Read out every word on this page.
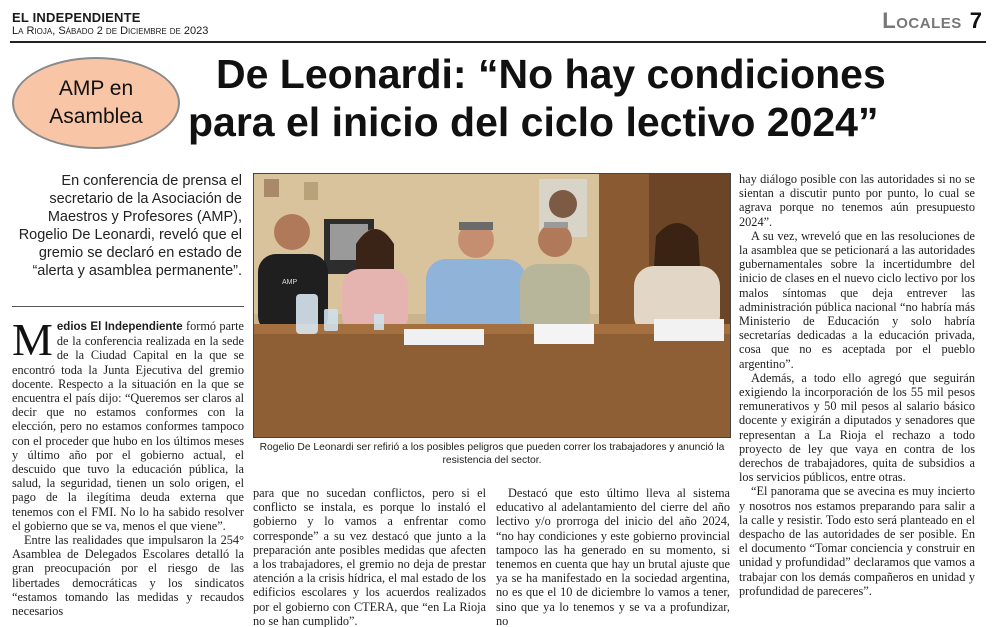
EL INDEPENDIENTE
La Rioja, Sábado 2 de Diciembre de 2023	Locales 7
AMP en
Asamblea
De Leonardi: “No hay condiciones
para el inicio del ciclo lectivo 2024”
En conferencia de prensa el secretario de la Asociación de Maestros y Profesores (AMP), Rogelio De Leonardi, reveló que el gremio se declaró en estado de “alerta y asamblea permanente”.

Medios El Independiente formó parte de la conferencia realizada en la sede de la Ciudad Capital en la que se encontró toda la Junta Ejecutiva del gremio docente. Respecto a la situación en la que se encuentra el país dijo: “Queremos ser claros al decir que no estamos conformes con la elección, pero no estamos conformes tampoco con el proceder que hubo en los últimos meses y último año por el gobierno actual, el descuido que tuvo la educación pública, la salud, la seguridad, tienen un solo origen, el pago de la ilegítima deuda externa que tenemos con el FMI. No lo ha sabido resolver el gobierno que se va, menos el que viene”.

Entre las realidades que impulsaron la 254° Asamblea de Delegados Escolares detalló la gran preocupación por el riesgo de las libertades democráticas y los sindicatos “estamos tomando las medidas y recaudos necesarios

AMP
Rogelio De Leonardi ser refirió a los posibles peligros que pueden correr los trabajadores y anunció la resistencia del sector.

para que no sucedan conflictos, pero si el conflicto se instala, es porque lo instaló el gobierno y lo vamos a enfrentar como corresponde” a su vez destacó que junto a la preparación ante posibles medidas que afecten a los trabajadores, el gremio no deja de prestar atención a la crisis hídrica, el mal estado de los edificios escolares y los acuerdos realizados por el gobierno con CTERA, que “en La Rioja no se han cumplido”.

Destacó que esto último lleva al sistema educativo al adelantamiento del cierre del año lectivo y/o prorroga del inicio del año 2024, “no hay condiciones y este gobierno provincial tampoco las ha generado en su momento, si tenemos en cuenta que hay un brutal ajuste que ya se ha manifestado en la sociedad argentina, no es que el 10 de diciembre lo vamos a tener, sino que ya lo tenemos y se va a profundizar, no

hay diálogo posible con las autoridades si no se sientan a discutir punto por punto, lo cual se agrava porque no tenemos aún presupuesto 2024”.

A su vez, wreveló que en las resoluciones de la asamblea que se peticionará a las autoridades gubernamentales sobre la incertidumbre del inicio de clases en el nuevo ciclo lectivo por los malos síntomas que deja entrever las administración pública nacional “no habría más Ministerio de Educación y solo habría secretarías dedicadas a la educación privada, cosa que no es aceptada por el pueblo argentino”.

Además, a todo ello agregó que seguirán exigiendo la incorporación de los 55 mil pesos remunerativos y 50 mil pesos al salario básico docente y exigirán a diputados y senadores que representan a La Rioja el rechazo a todo proyecto de ley que vaya en contra de los derechos de trabajadores, quita de subsidios a los servicios públicos, entre otras.

“El panorama que se avecina es muy incierto y nosotros nos estamos preparando para salir a la calle y resistir. Todo esto será planteado en el despacho de las autoridades de ser posible. En el documento “Tomar conciencia y construir en unidad y profundidad” declaramos que vamos a trabajar con los demás compañeros en unidad y profundidad de pareceres”.
